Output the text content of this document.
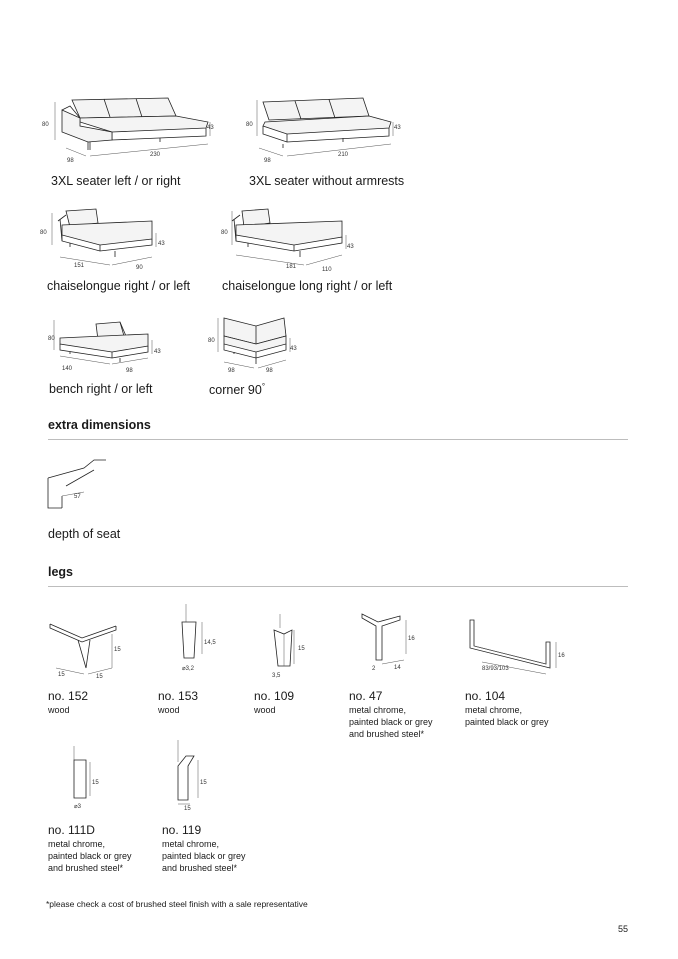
80	43
98
230
3XL seater left / or right
80	43
98
210
3XL seater without armrests
80
43
151	90
chaiselongue right / or left
80
43
181	110
chaiselongue long right / or left
80
43
140	98
bench right / or left
80
43
98	98
corner 90°
extra dimensions
57
depth of seat
legs
15
15	15
no. 152
wood
14,5
⌀3,2
no. 153
wood
15
3,5
no. 109
wood
16
2	14
no. 47
metal chrome,
painted black or grey
and brushed steel*
16
83/93/103
no. 104
metal chrome,
painted black or grey
15
⌀3
no. 111D
metal chrome,
painted black or grey
and brushed steel*
15
15
no. 119
metal chrome,
painted black or grey
and brushed steel*
*please check a cost of brushed steel finish with a sale representative
55
